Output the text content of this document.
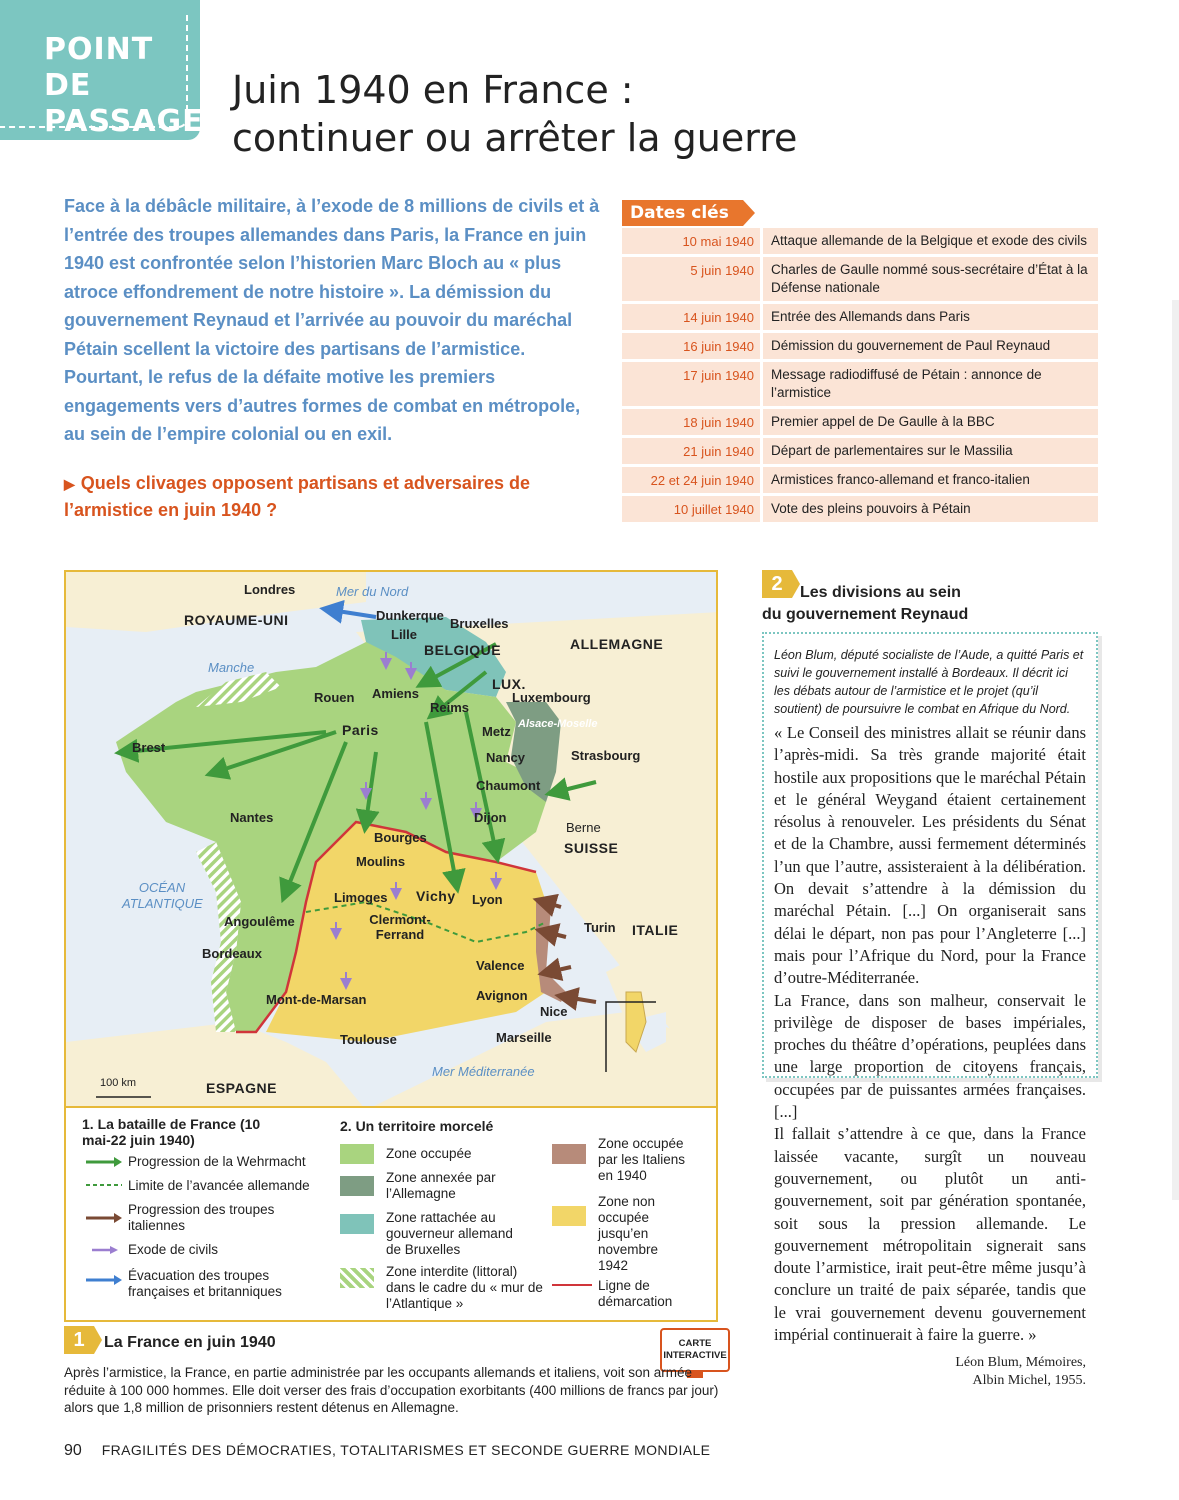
POINT DE
PASSAGE
Juin 1940 en France :
continuer ou arrêter la guerre
Face à la débâcle militaire, à l’exode de 8 millions de civils et à l’entrée des troupes allemandes dans Paris, la France en juin 1940 est confrontée selon l’historien Marc Bloch au « plus atroce effondrement de notre histoire ». La démission du gouvernement Reynaud et l’arrivée au pouvoir du maréchal Pétain scellent la victoire des partisans de l’armistice. Pourtant, le refus de la défaite motive les premiers engagements vers d’autres formes de combat en métropole, au sein de l’empire colonial ou en exil.
▶ Quels clivages opposent partisans et adversaires de l’armistice en juin 1940 ?
Dates clés
10 mai 1940	Attaque allemande de la Belgique et exode des civils
5 juin 1940	Charles de Gaulle nommé sous-secrétaire d’État à la Défense nationale
14 juin 1940	Entrée des Allemands dans Paris
16 juin 1940	Démission du gouvernement de Paul Reynaud
17 juin 1940	Message radiodiffusé de Pétain : annonce de l’armistice
18 juin 1940	Premier appel de De Gaulle à la BBC
21 juin 1940	Départ de parlementaires sur le Massilia
22 et 24 juin 1940	Armistices franco-allemand et franco-italien
10 juillet 1940	Vote des pleins pouvoirs à Pétain
Londres	Mer du Nord
ROYAUME-UNI	Dunkerque
Lille
Bruxelles
BELGIQUE	ALLEMAGNE
Manche
LUX.
Luxembourg
Rouen Amiens
Reims
Alsace-Moselle
Metz
Paris
Brest
Nancy	Strasbourg
Chaumont
Nantes	Dijon
Berne
Bourges
SUISSE
Moulins
OCÉAN ATLANTIQUE	Limoges Vichy Lyon
Clermont-Ferrand
Angoulême	Turin ITALIE
Bordeaux
Valence
Avignon
Mont-de-Marsan
Nice
Toulouse	Marseille
Mer Méditerranée
100 km	ESPAGNE
1. La bataille de France (10 mai-22 juin 1940)
Progression de la Wehrmacht
Limite de l’avancée allemande
Progression des troupes italiennes
Exode de civils
Évacuation des troupes françaises et britanniques
2. Un territoire morcelé
Zone occupée
Zone annexée par l’Allemagne
Zone rattachée au gouverneur allemand de Bruxelles
Zone interdite (littoral) dans le cadre du « mur de l’Atlantique »
Zone occupée par les Italiens en 1940
Zone non occupée jusqu’en novembre 1942
Ligne de démarcation
1	La France en juin 1940	CARTE INTERACTIVE
Après l’armistice, la France, en partie administrée par les occupants allemands et italiens, voit son armée réduite à 100 000 hommes. Elle doit verser des frais d’occupation exorbitants (400 millions de francs par jour) alors que 1,8 million de prisonniers restent détenus en Allemagne.
2	Les divisions au sein
du gouvernement Reynaud
Léon Blum, député socialiste de l’Aude, a quitté Paris et suivi le gouvernement installé à Bordeaux. Il décrit ici les débats autour de l’armistice et le projet (qu’il soutient) de poursuivre le combat en Afrique du Nord.
« Le Conseil des ministres allait se réunir dans l’après-midi. Sa très grande majorité était hostile aux propositions que le maréchal Pétain et le général Weygand étaient certainement résolus à renouveler. Les présidents du Sénat et de la Chambre, aussi fermement déterminés l’un que l’autre, assisteraient à la délibération. On devait s’attendre à la démission du maréchal Pétain. [...] On organiserait sans délai le départ, non pas pour l’Angleterre [...] mais pour l’Afrique du Nord, pour la France d’outre-Méditerranée.
La France, dans son malheur, conservait le privilège de disposer de bases impériales, proches du théâtre d’opérations, peuplées dans une large proportion de citoyens français, occupées par de puissantes armées françaises. [...]
Il fallait s’attendre à ce que, dans la France laissée vacante, surgît un nouveau gouvernement, ou plutôt un anti-gouvernement, soit par génération spontanée, soit sous la pression allemande. Le gouvernement métropolitain signerait sans doute l’armistice, irait peut-être même jusqu’à conclure un traité de paix séparée, tandis que le vrai gouvernement devenu gouvernement impérial continuerait à faire la guerre. »
Léon Blum, Mémoires,
Albin Michel, 1955.
90 FRAGILITÉS DES DÉMOCRATIES, TOTALITARISMES ET SECONDE GUERRE MONDIALE
